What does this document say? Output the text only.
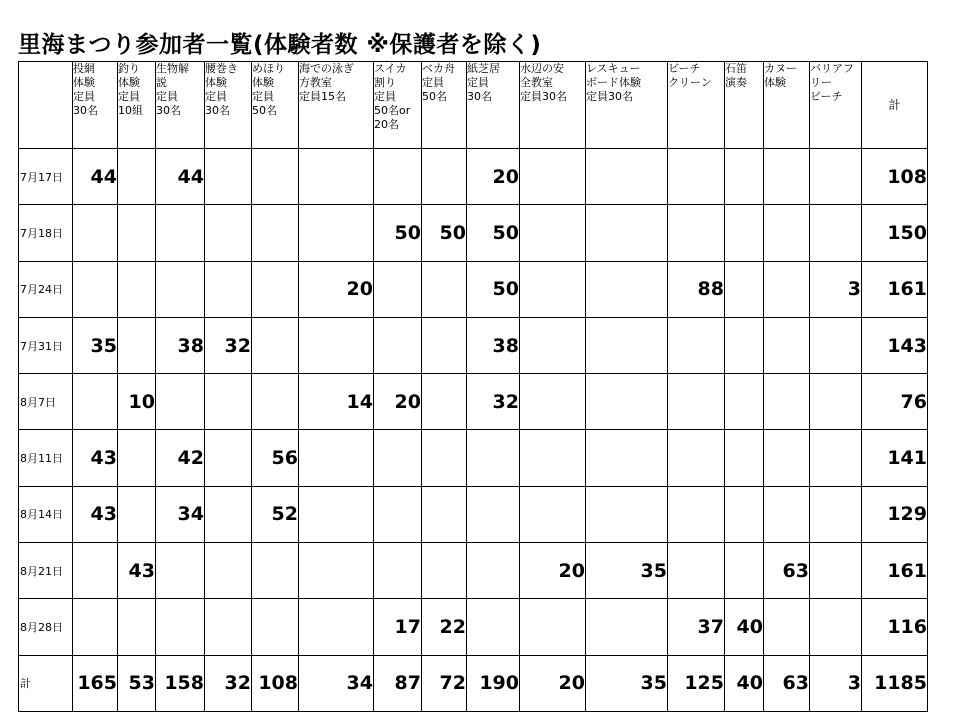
里海まつり参加者一覧(体験者数 ※保護者を除く)
	投網
体験
定員
30名	釣り
体験
定員
10組	生物解
説
定員
30名	腰巻き
体験
定員
30名	めほり
体験
定員
50名	海での泳ぎ
方教室
定員15名	スイカ
割り
定員
50名or
20名	ベカ舟
定員
50名	紙芝居
定員
30名	水辺の安
全教室
定員30名	レスキュー
ボード体験
定員30名	ビーチ
クリーン	石笛
演奏	カヌー
体験	バリアフ
リー
ビーチ	計
7月17日	44		44						20							108
7月18日							50	50	50							150
7月24日						20			50			88			3	161
7月31日	35		38	32					38							143
8月7日		10				14	20		32							76
8月11日	43		42		56											141
8月14日	43		34		52											129
8月21日		43								20	35			63		161
8月28日							17	22				37	40			116
計	165	53	158	32	108	34	87	72	190	20	35	125	40	63	3	1185
